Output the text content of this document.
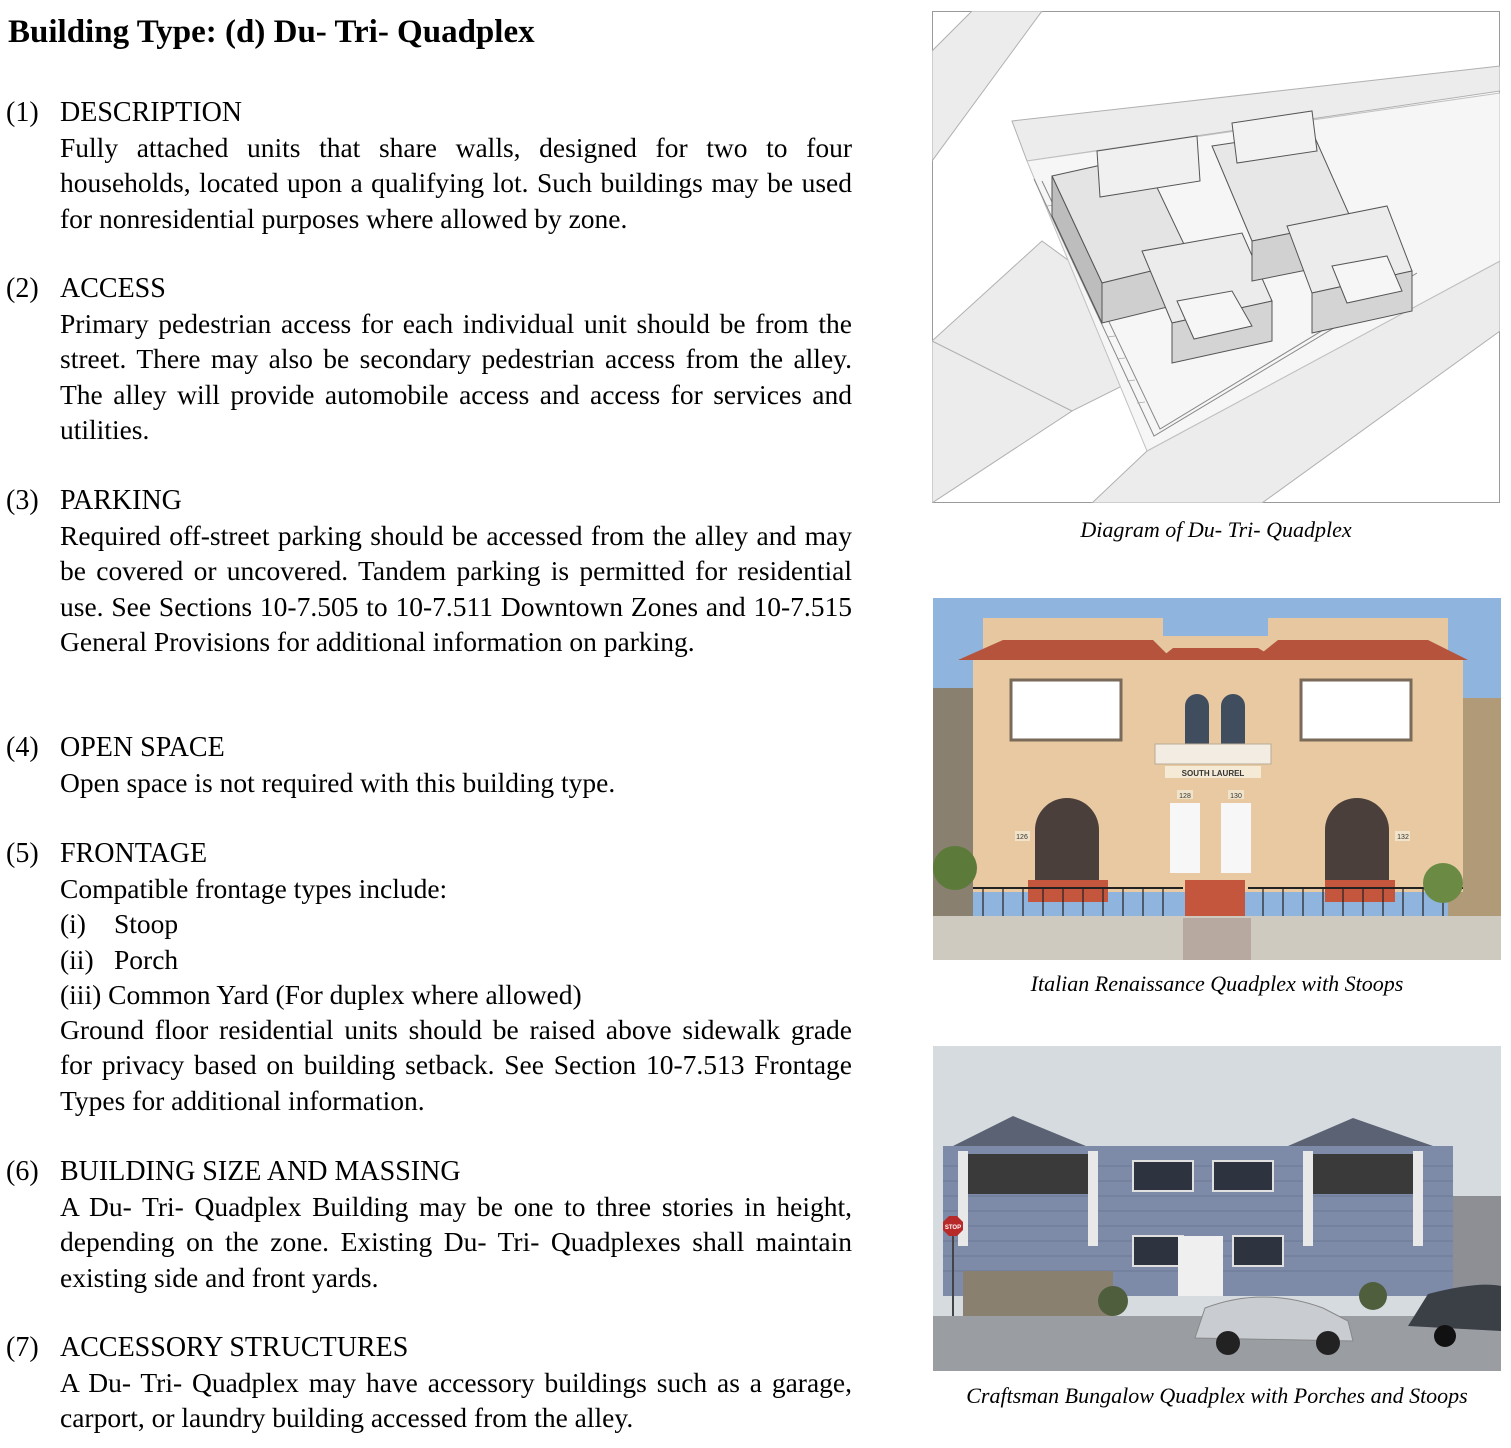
Building Type: (d) Du- Tri- Quadplex
(1) DESCRIPTION
Fully attached units that share walls, designed for two to four households, located upon a qualifying lot. Such buildings may be used for nonresidential purposes where allowed by zone.
(2) ACCESS
Primary pedestrian access for each individual unit should be from the street. There may also be secondary pedestrian access from the alley. The alley will provide automobile access and access for services and utilities.
(3) PARKING
Required off-street parking should be accessed from the alley and may be covered or uncovered. Tandem parking is permitted for residential use. See Sections 10-7.505 to 10-7.511 Downtown Zones and 10-7.515 General Provisions for additional information on parking.
(4) OPEN SPACE
Open space is not required with this building type.
(5) FRONTAGE
Compatible frontage types include:
(i) Stoop
(ii) Porch
(iii) Common Yard (For duplex where allowed)
Ground floor residential units should be raised above sidewalk grade for privacy based on building setback. See Section 10-7.513 Frontage Types for additional information.
(6) BUILDING SIZE AND MASSING
A Du- Tri- Quadplex Building may be one to three stories in height, depending on the zone. Existing Du- Tri- Quadplexes shall maintain existing side and front yards.
(7) ACCESSORY STRUCTURES
A Du- Tri- Quadplex may have accessory buildings such as a garage, carport, or laundry building accessed from the alley.
Diagram of Du- Tri- Quadplex
SOUTH LAUREL
128	130
126	132
Italian Renaissance Quadplex with Stoops
STOP
Craftsman Bungalow Quadplex with Porches and Stoops
